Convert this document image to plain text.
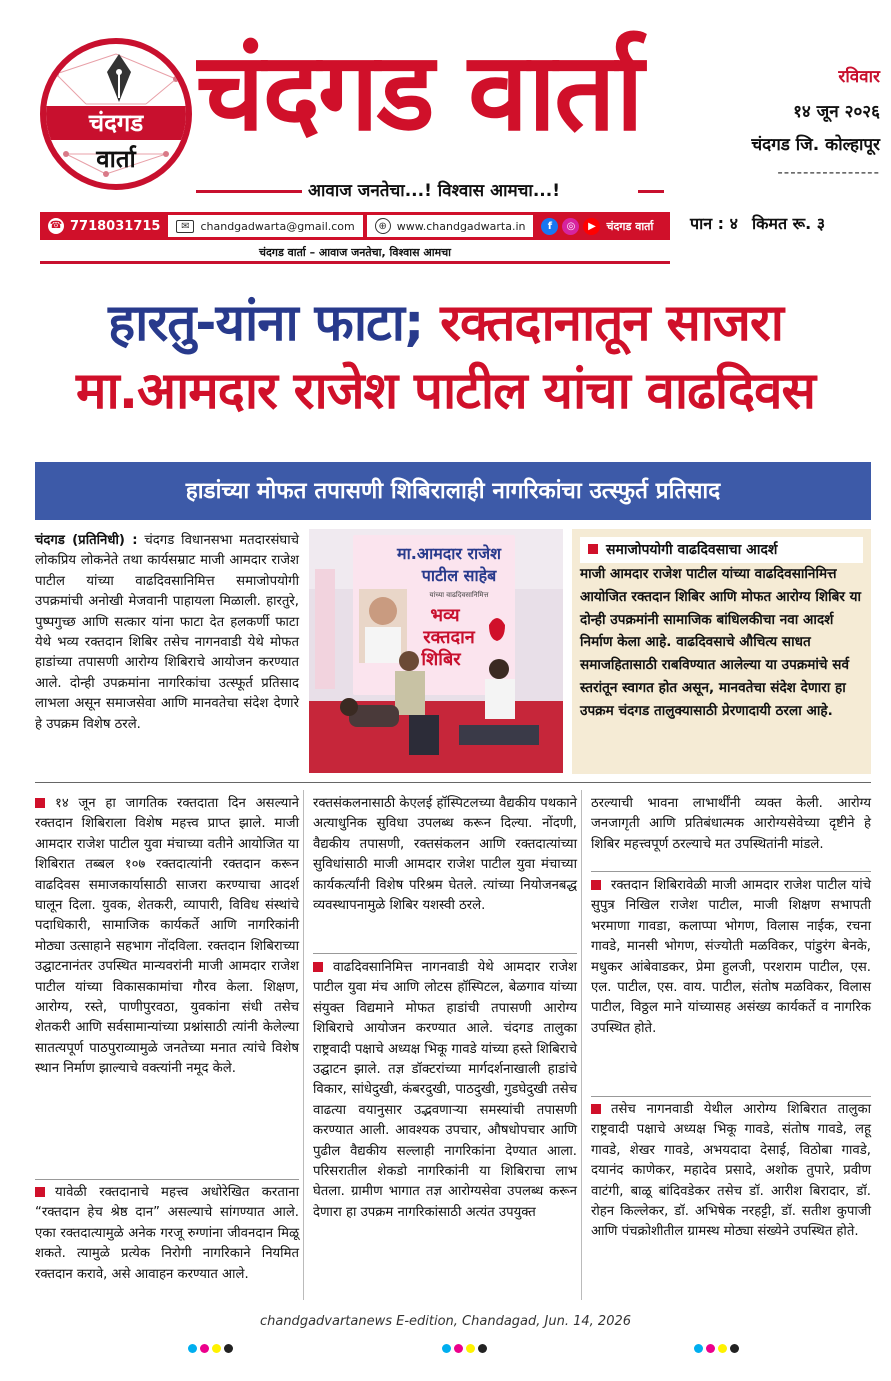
चंदगड
वार्ता
चंदगड वार्ता
आवाज जनतेचा...! विश्वास आमचा...!
रविवार
१४ जून २०२६
चंदगड जि. कोल्हापूर
----------------
पान : ४ किमत रू. ३
☎ 7718031715	✉ chandgadwarta@gmail.com	⊕ www.chandgadwarta.in	f	◎	▶ चंदगड वार्ता
चंदगड वार्ता – आवाज जनतेचा, विश्वास आमचा
हारतु-यांना फाटा; रक्तदानातून साजरा
मा.आमदार राजेश पाटील यांचा वाढदिवस
हाडांच्या मोफत तपासणी शिबिरालाही नागरिकांचा उत्स्फुर्त प्रतिसाद
चंदगड (प्रतिनिधी) : चंदगड विधानसभा मतदारसंघाचे लोकप्रिय लोकनेते तथा कार्यसम्राट माजी आमदार राजेश पाटील यांच्या वाढदिवसानिमित्त समाजोपयोगी उपक्रमांची अनोखी मेजवानी पाहायला मिळाली. हारतुरे, पुष्पगुच्छ आणि सत्कार यांना फाटा देत हलकर्णी फाटा येथे भव्य रक्तदान शिबिर तसेच नागनवाडी येथे मोफत हाडांच्या तपासणी आरोग्य शिबिराचे आयोजन करण्यात आले. दोन्ही उपक्रमांना नागरिकांचा उत्स्फूर्त प्रतिसाद लाभला असून समाजसेवा आणि मानवतेचा संदेश देणारे हे उपक्रम विशेष ठरले.
मा.आमदार राजेश
पाटील साहेब
यांच्या वाढदिवसानिमित्त
भव्य
रक्तदान
शिबिर
समाजोपयोगी वाढदिवसाचा आदर्श
माजी आमदार राजेश पाटील यांच्या वाढदिवसानिमित्त आयोजित रक्तदान शिबिर आणि मोफत आरोग्य शिबिर या दोन्ही उपक्रमांनी सामाजिक बांधिलकीचा नवा आदर्श निर्माण केला आहे. वाढदिवसाचे औचित्य साधत समाजहितासाठी राबविण्यात आलेल्या या उपक्रमांचे सर्व स्तरांतून स्वागत होत असून, मानवतेचा संदेश देणारा हा उपक्रम चंदगड तालुक्यासाठी प्रेरणादायी ठरला आहे.
१४ जून हा जागतिक रक्तदाता दिन असल्याने रक्तदान शिबिराला विशेष महत्त्व प्राप्त झाले. माजी आमदार राजेश पाटील युवा मंचाच्या वतीने आयोजित या शिबिरात तब्बल १०७ रक्तदात्यांनी रक्तदान करून वाढदिवस समाजकार्यासाठी साजरा करण्याचा आदर्श घालून दिला. युवक, शेतकरी, व्यापारी, विविध संस्थांचे पदाधिकारी, सामाजिक कार्यकर्ते आणि नागरिकांनी मोठ्या उत्साहाने सहभाग नोंदविला. रक्तदान शिबिराच्या उद्घाटनानंतर उपस्थित मान्यवरांनी माजी आमदार राजेश पाटील यांच्या विकासकामांचा गौरव केला. शिक्षण, आरोग्य, रस्ते, पाणीपुरवठा, युवकांना संधी तसेच शेतकरी आणि सर्वसामान्यांच्या प्रश्नांसाठी त्यांनी केलेल्या सातत्यपूर्ण पाठपुराव्यामुळे जनतेच्या मनात त्यांचे विशेष स्थान निर्माण झाल्याचे वक्त्यांनी नमूद केले.
यावेळी रक्तदानाचे महत्त्व अधोरेखित करताना “रक्तदान हेच श्रेष्ठ दान” असल्याचे सांगण्यात आले. एका रक्तदात्यामुळे अनेक गरजू रुग्णांना जीवनदान मिळू शकते. त्यामुळे प्रत्येक निरोगी नागरिकाने नियमित रक्तदान करावे, असे आवाहन करण्यात आले.
रक्तसंकलनासाठी केएलई हॉस्पिटलच्या वैद्यकीय पथकाने अत्याधुनिक सुविधा उपलब्ध करून दिल्या. नोंदणी, वैद्यकीय तपासणी, रक्तसंकलन आणि रक्तदात्यांच्या सुविधांसाठी माजी आमदार राजेश पाटील युवा मंचाच्या कार्यकर्त्यांनी विशेष परिश्रम घेतले. त्यांच्या नियोजनबद्ध व्यवस्थापनामुळे शिबिर यशस्वी ठरले.
वाढदिवसानिमित्त नागनवाडी येथे आमदार राजेश पाटील युवा मंच आणि लोटस हॉस्पिटल, बेळगाव यांच्या संयुक्त विद्यमाने मोफत हाडांची तपासणी आरोग्य शिबिराचे आयोजन करण्यात आले. चंदगड तालुका राष्ट्रवादी पक्षाचे अध्यक्ष भिकू गावडे यांच्या हस्ते शिबिराचे उद्घाटन झाले. तज्ञ डॉक्टरांच्या मार्गदर्शनाखाली हाडांचे विकार, सांधेदुखी, कंबरदुखी, पाठदुखी, गुडघेदुखी तसेच वाढत्या वयानुसार उद्भवणाऱ्या समस्यांची तपासणी करण्यात आली. आवश्यक उपचार, औषधोपचार आणि पुढील वैद्यकीय सल्लाही नागरिकांना देण्यात आला. परिसरातील शेकडो नागरिकांनी या शिबिराचा लाभ घेतला. ग्रामीण भागात तज्ञ आरोग्यसेवा उपलब्ध करून देणारा हा उपक्रम नागरिकांसाठी अत्यंत उपयुक्त
ठरल्याची भावना लाभार्थींनी व्यक्त केली. आरोग्य जनजागृती आणि प्रतिबंधात्मक आरोग्यसेवेच्या दृष्टीने हे शिबिर महत्त्वपूर्ण ठरल्याचे मत उपस्थितांनी मांडले.
रक्तदान शिबिरावेळी माजी आमदार राजेश पाटील यांचे सुपुत्र निखिल राजेश पाटील, माजी शिक्षण सभापती भरमाणा गावडा, कलाप्पा भोगण, विलास नाईक, रचना गावडे, मानसी भोगण, संज्योती मळविकर, पांडुरंग बेनके, मधुकर आंबेवाडकर, प्रेमा हुलजी, परशराम पाटील, एस. एल. पाटील, एस. वाय. पाटील, संतोष मळविकर, विलास पाटील, विठ्ठल माने यांच्यासह असंख्य कार्यकर्ते व नागरिक उपस्थित होते.
तसेच नागनवाडी येथील आरोग्य शिबिरात तालुका राष्ट्रवादी पक्षाचे अध्यक्ष भिकू गावडे, संतोष गावडे, लहू गावडे, शेखर गावडे, अभयदादा देसाई, विठोबा गावडे, दयानंद काणेकर, महादेव प्रसादे, अशोक तुपारे, प्रवीण वाटंगी, बाळू बांदिवडेकर तसेच डॉ. आरीश बिरादार, डॉ. रोहन किल्लेकर, डॉ. अभिषेक नरहट्टी, डॉ. सतीश कुपाजी आणि पंचक्रोशीतील ग्रामस्थ मोठ्या संख्येने उपस्थित होते.
chandgadvartanews E-edition, Chandagad, Jun. 14, 2026
